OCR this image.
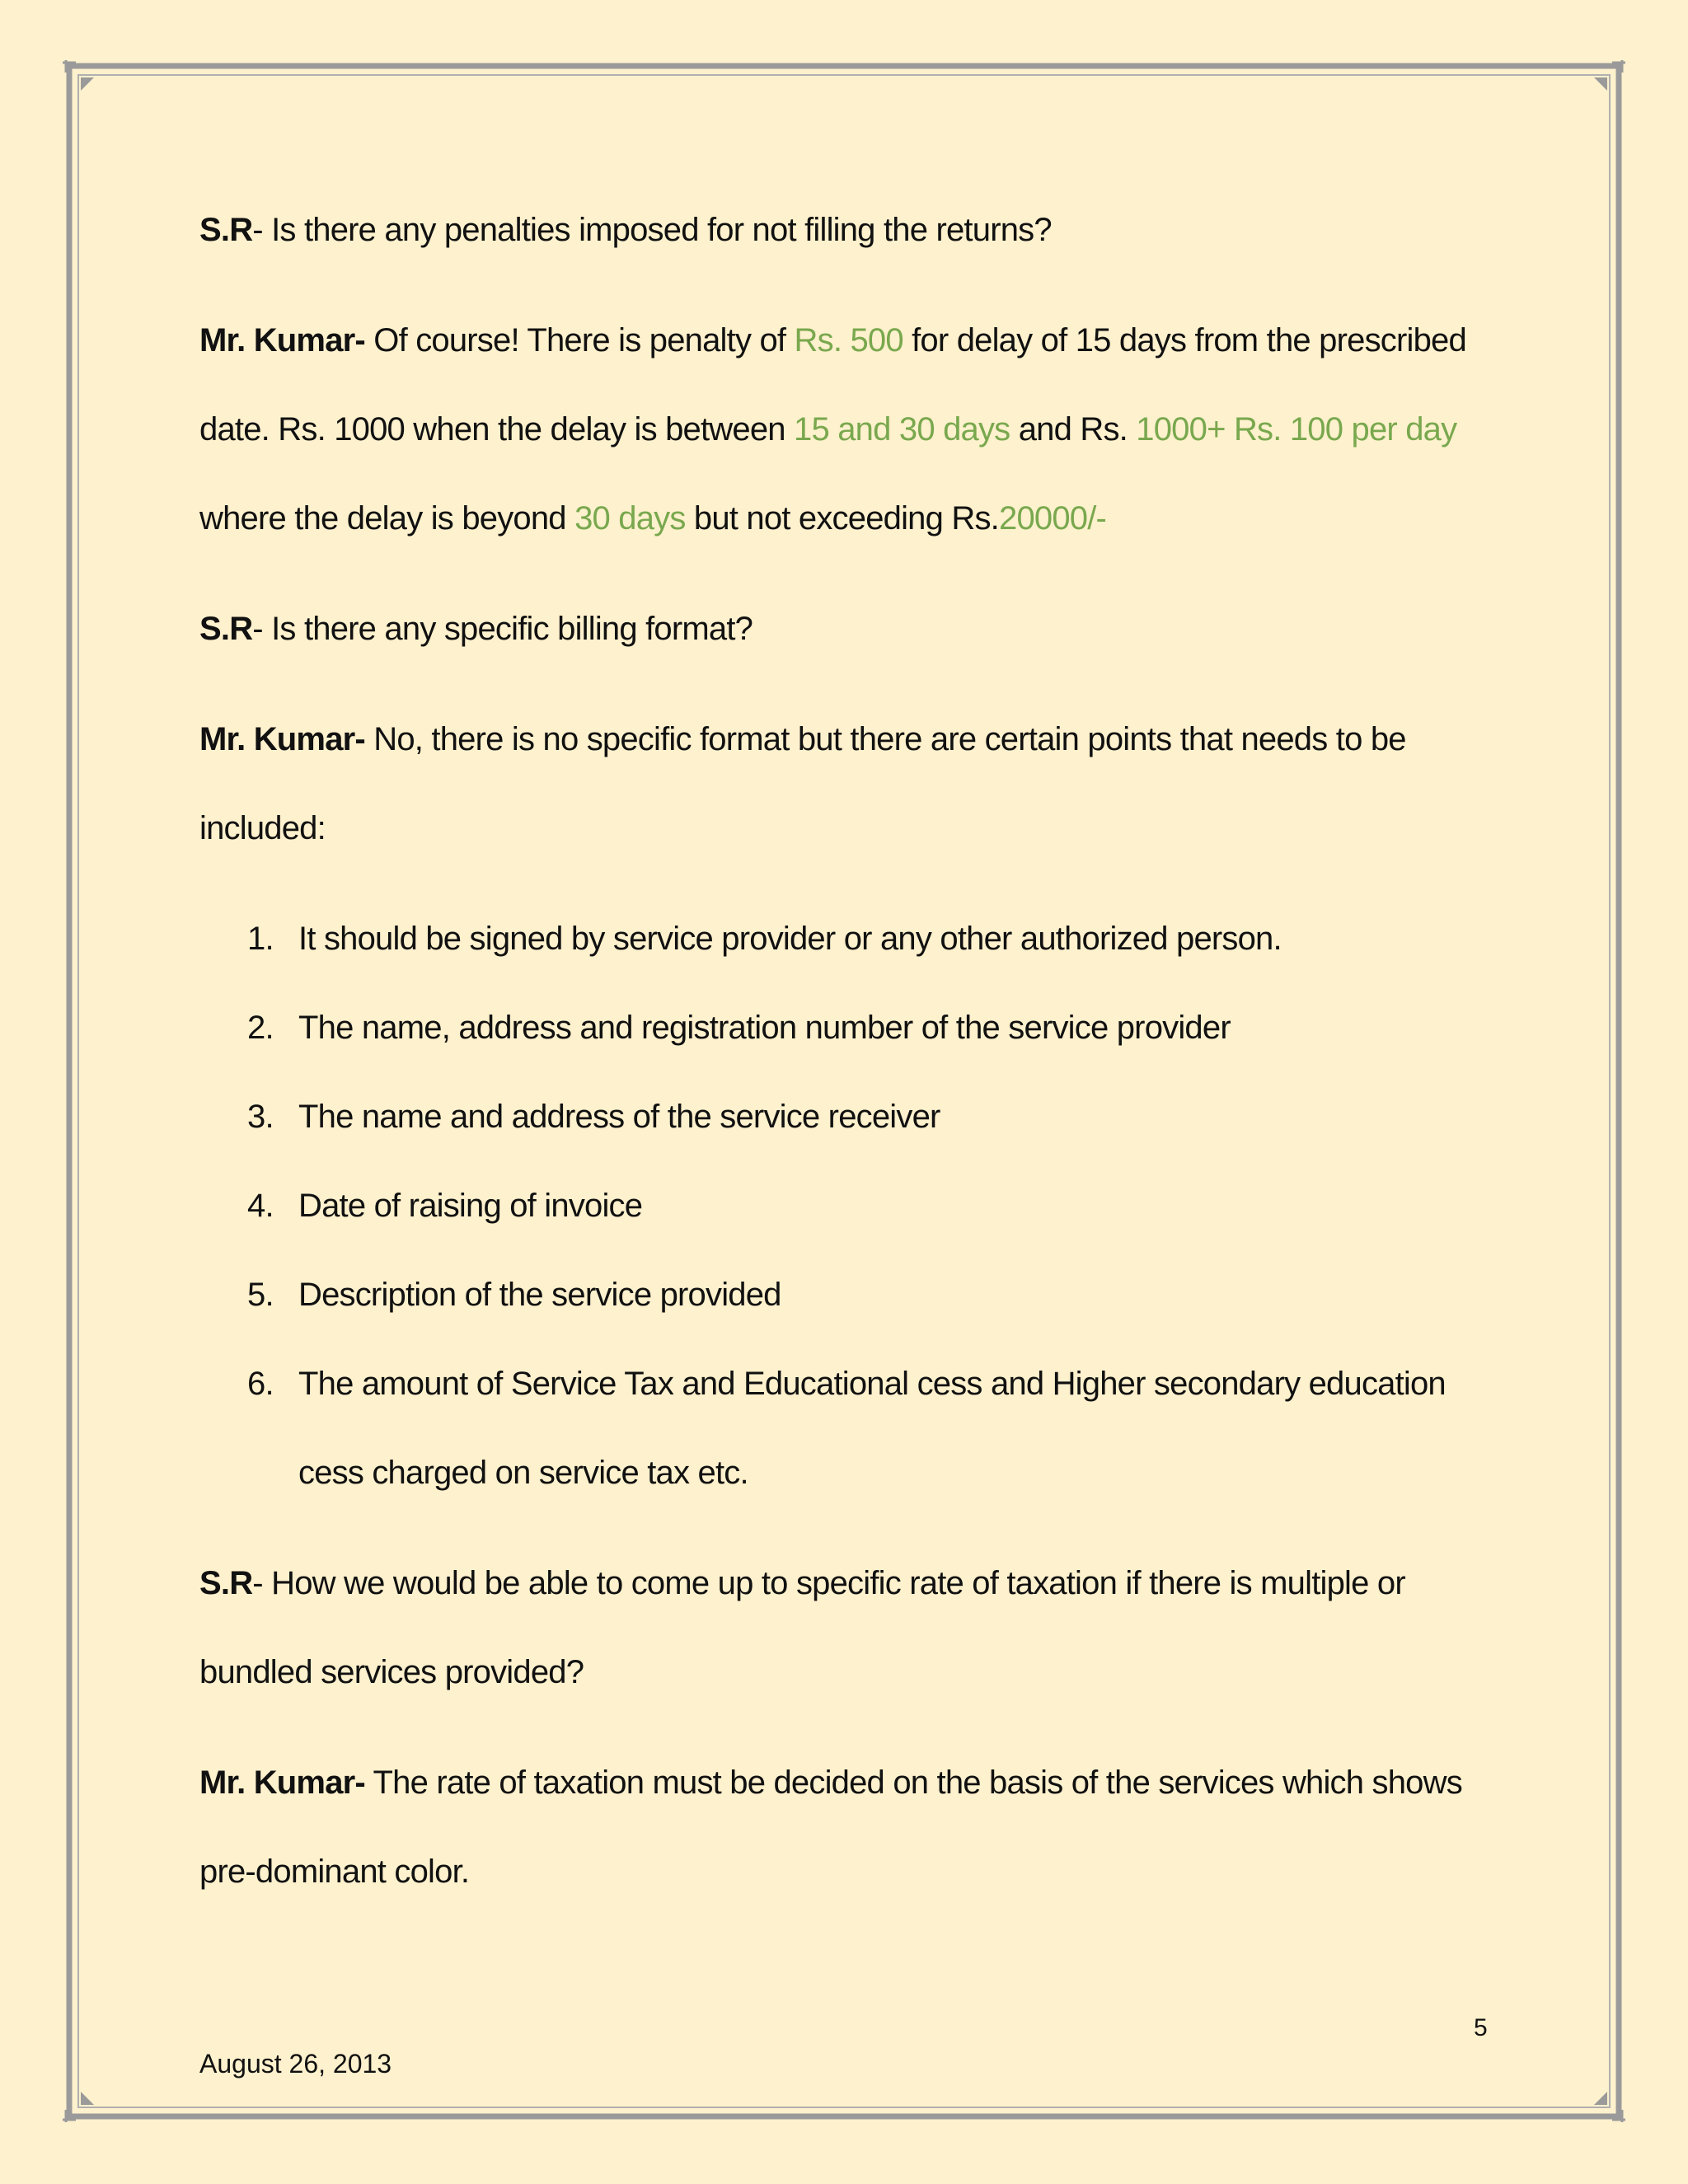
S.R- Is there any penalties imposed for not filling the returns?

Mr. Kumar- Of course! There is penalty of Rs. 500 for delay of 15 days from the prescribed date. Rs. 1000 when the delay is between 15 and 30 days and Rs. 1000+ Rs. 100 per day where the delay is beyond 30 days but not exceeding Rs.20000/-

S.R- Is there any specific billing format?

Mr. Kumar- No, there is no specific format but there are certain points that needs to be included:

1. It should be signed by service provider or any other authorized person.
2. The name, address and registration number of the service provider
3. The name and address of the service receiver
4. Date of raising of invoice
5. Description of the service provided
6. The amount of Service Tax and Educational cess and Higher secondary education cess charged on service tax etc.

S.R- How we would be able to come up to specific rate of taxation if there is multiple or bundled services provided?

Mr. Kumar- The rate of taxation must be decided on the basis of the services which shows pre-dominant color.

5
August 26, 2013
